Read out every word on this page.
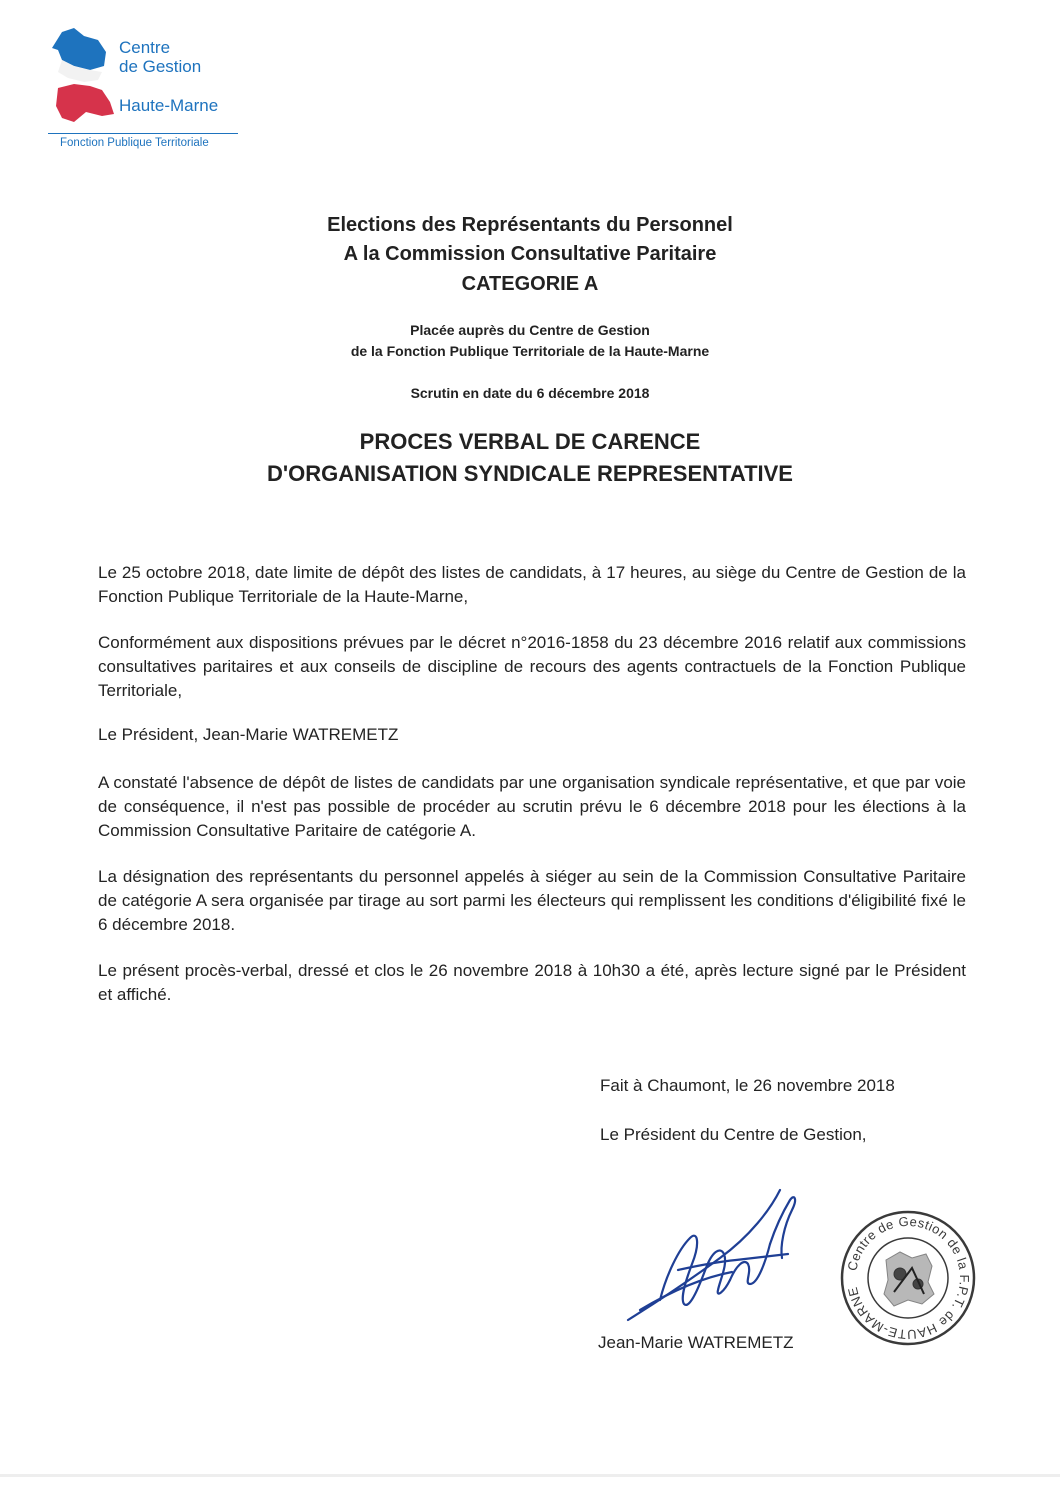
Centre
de Gestion
Haute-Marne
Fonction Publique Territoriale
Elections des Représentants du Personnel
A la Commission Consultative Paritaire
CATEGORIE A
Placée auprès du Centre de Gestion
de la Fonction Publique Territoriale de la Haute-Marne
Scrutin en date du 6 décembre 2018
PROCES VERBAL DE CARENCE
D'ORGANISATION SYNDICALE REPRESENTATIVE
Le 25 octobre 2018, date limite de dépôt des listes de candidats, à 17 heures, au siège du Centre de Gestion de la Fonction Publique Territoriale de la Haute-Marne,
Conformément aux dispositions prévues par le décret n°2016-1858 du 23 décembre 2016 relatif aux commissions consultatives paritaires et aux conseils de discipline de recours des agents contractuels de la Fonction Publique Territoriale,
Le Président, Jean-Marie WATREMETZ
A constaté l'absence de dépôt de listes de candidats par une organisation syndicale représentative, et que par voie de conséquence, il n'est pas possible de procéder au scrutin prévu le 6 décembre 2018 pour les élections à la Commission Consultative Paritaire de catégorie A.
La désignation des représentants du personnel appelés à siéger au sein de la Commission Consultative Paritaire de catégorie A sera organisée par tirage au sort parmi les électeurs qui remplissent les conditions d'éligibilité fixé le 6 décembre 2018.
Le présent procès-verbal, dressé et clos le 26 novembre 2018 à 10h30 a été, après lecture signé par le Président et affiché.
Fait à Chaumont, le 26 novembre 2018
Le Président du Centre de Gestion,
Centre de Gestion de la F.P.T. de HAUTE-MARNE
Jean-Marie WATREMETZ
